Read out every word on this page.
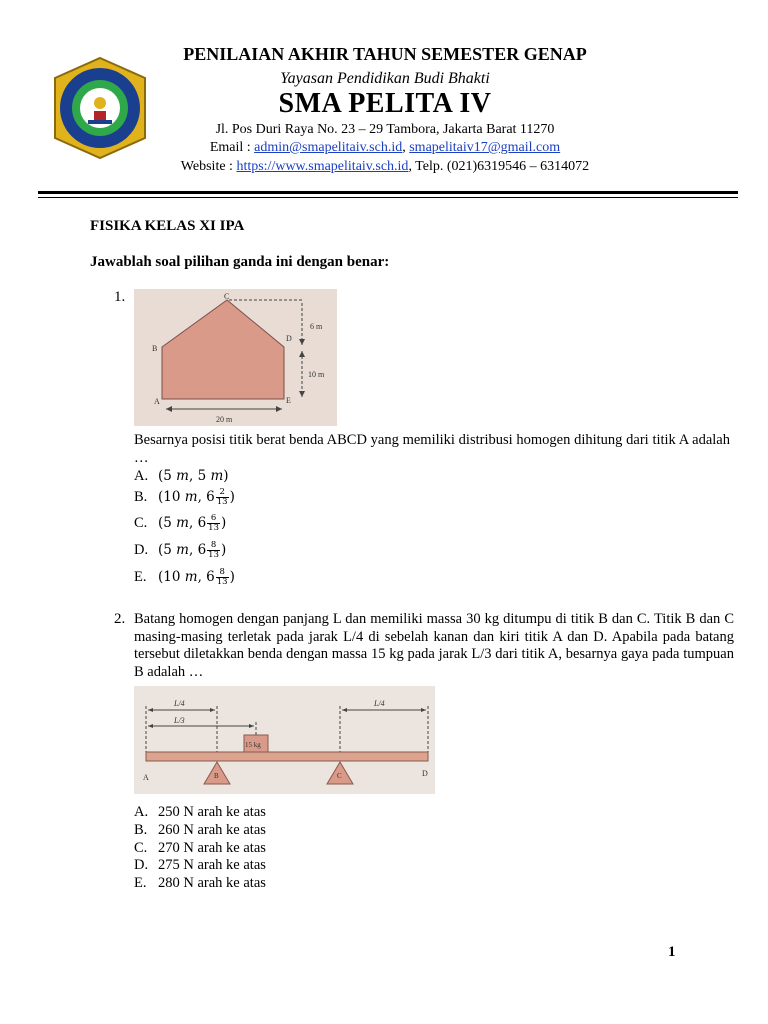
PENILAIAN AKHIR TAHUN SEMESTER GENAP
Yayasan Pendidikan Budi Bhakti
SMA PELITA IV
Jl. Pos Duri Raya No. 23 – 29 Tambora, Jakarta Barat 11270
Email : admin@smapelitaiv.sch.id, smapelitaiv17@gmail.com
Website : https://www.smapelitaiv.sch.id, Telp. (021)6319546 – 6314072
FISIKA KELAS XI IPA
Jawablah soal pilihan ganda ini dengan benar:
1.	C
B
D
A	E
6 m
10 m
20 m
Besarnya posisi titik berat benda ABCD yang memiliki distribusi homogen dihitung dari titik A adalah …
A. (5 m, 5 m)
B. (10 m, $6 \frac{2}{13}$ )
C. (5 m, $6 \frac{6}{13}$ )
D. (5 m, $6 \frac{8}{13}$ )
E. (10 m, $6 \frac{8}{13}$ )
2. Batang homogen dengan panjang L dan memiliki massa 30 kg ditumpu di titik B dan C. Titik B dan C masing-masing terletak pada jarak L/4 di sebelah kanan dan kiri titik A dan D. Apabila pada batang tersebut diletakkan benda dengan massa 15 kg pada jarak L/3 dari titik A, besarnya gaya pada tumpuan B adalah …
L/4
L/3
L/4
15 kg
A	B	C	D
A. 250 N arah ke atas
B. 260 N arah ke atas
C. 270 N arah ke atas
D. 275 N arah ke atas
E. 280 N arah ke atas
1
